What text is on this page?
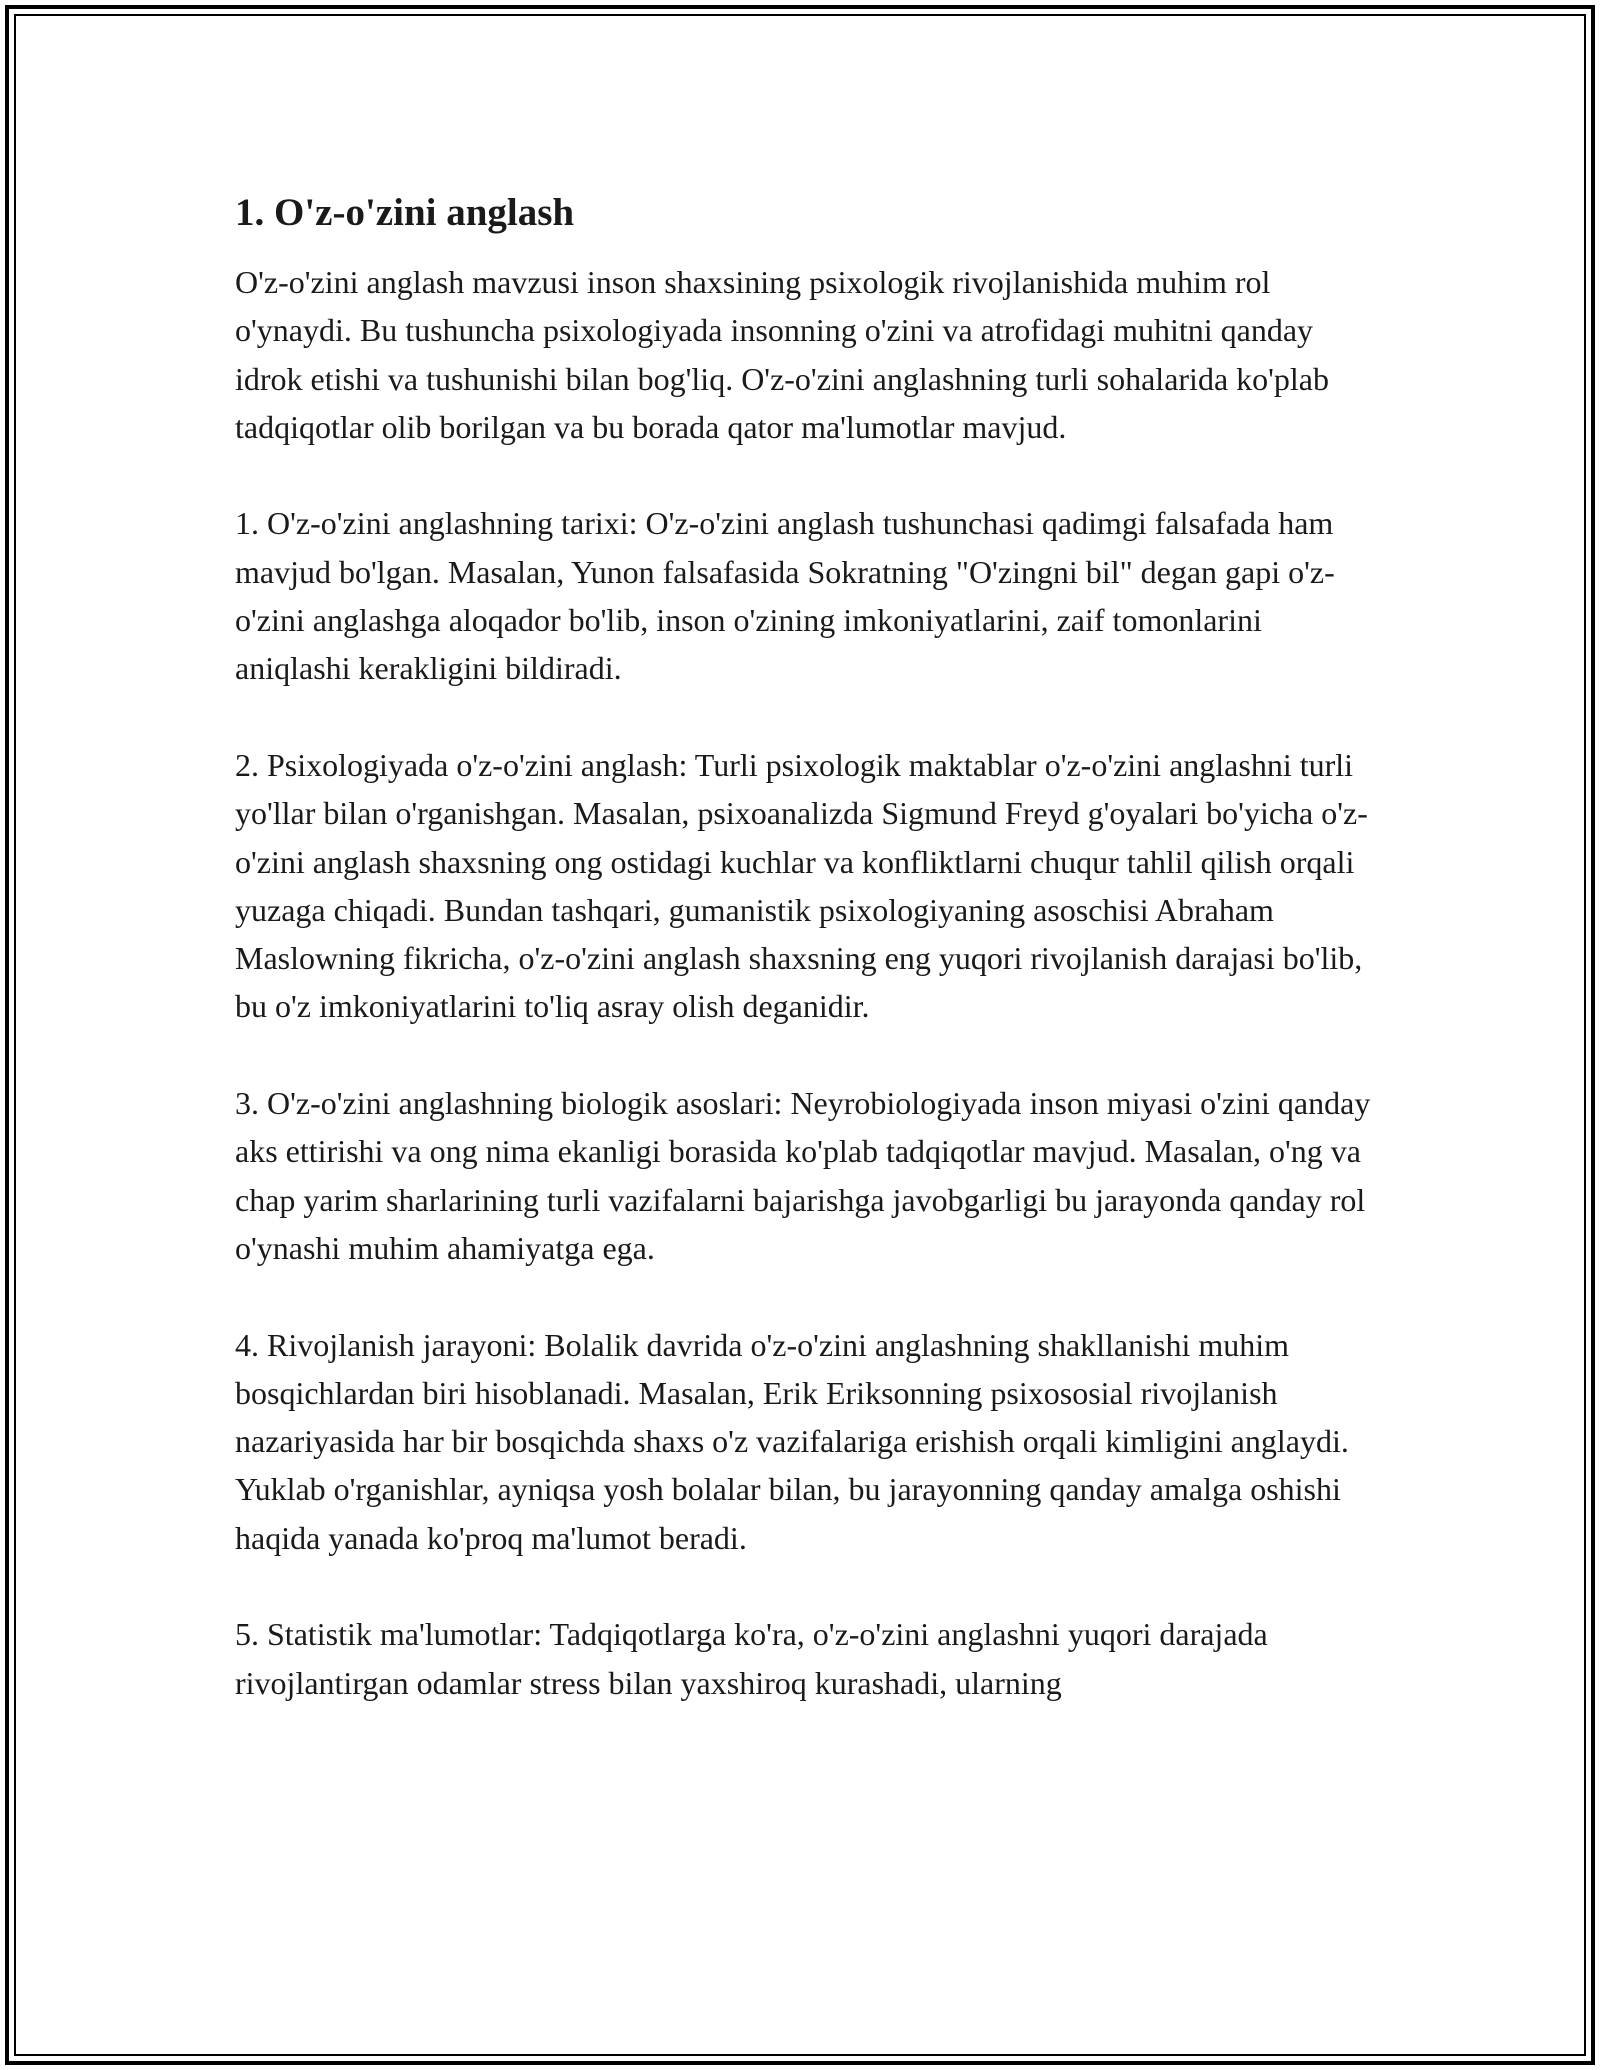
1. O'z-o'zini anglash

O'z-o'zini anglash mavzusi inson shaxsining psixologik rivojlanishida muhim rol o'ynaydi. Bu tushuncha psixologiyada insonning o'zini va atrofidagi muhitni qanday idrok etishi va tushunishi bilan bog'liq. O'z-o'zini anglashning turli sohalarida ko'plab tadqiqotlar olib borilgan va bu borada qator ma'lumotlar mavjud.

1. O'z-o'zini anglashning tarixi: O'z-o'zini anglash tushunchasi qadimgi falsafada ham mavjud bo'lgan. Masalan, Yunon falsafasida Sokratning "O'zingni bil" degan gapi o'z-o'zini anglashga aloqador bo'lib, inson o'zining imkoniyatlarini, zaif tomonlarini aniqlashi kerakligini bildiradi.

2. Psixologiyada o'z-o'zini anglash: Turli psixologik maktablar o'z-o'zini anglashni turli yo'llar bilan o'rganishgan. Masalan, psixoanalizda Sigmund Freyd g'oyalari bo'yicha o'z-o'zini anglash shaxsning ong ostidagi kuchlar va konfliktlarni chuqur tahlil qilish orqali yuzaga chiqadi. Bundan tashqari, gumanistik psixologiyaning asoschisi Abraham Maslowning fikricha, o'z-o'zini anglash shaxsning eng yuqori rivojlanish darajasi bo'lib, bu o'z imkoniyatlarini to'liq asray olish deganidir.

3. O'z-o'zini anglashning biologik asoslari: Neyrobiologiyada inson miyasi o'zini qanday aks ettirishi va ong nima ekanligi borasida ko'plab tadqiqotlar mavjud. Masalan, o'ng va chap yarim sharlarining turli vazifalarni bajarishga javobgarligi bu jarayonda qanday rol o'ynashi muhim ahamiyatga ega.

4. Rivojlanish jarayoni: Bolalik davrida o'z-o'zini anglashning shakllanishi muhim bosqichlardan biri hisoblanadi. Masalan, Erik Eriksonning psixososial rivojlanish nazariyasida har bir bosqichda shaxs o'z vazifalariga erishish orqali kimligini anglaydi. Yuklab o'rganishlar, ayniqsa yosh bolalar bilan, bu jarayonning qanday amalga oshishi haqida yanada ko'proq ma'lumot beradi.

5. Statistik ma'lumotlar: Tadqiqotlarga ko'ra, o'z-o'zini anglashni yuqori darajada rivojlantirgan odamlar stress bilan yaxshiroq kurashadi, ularning
